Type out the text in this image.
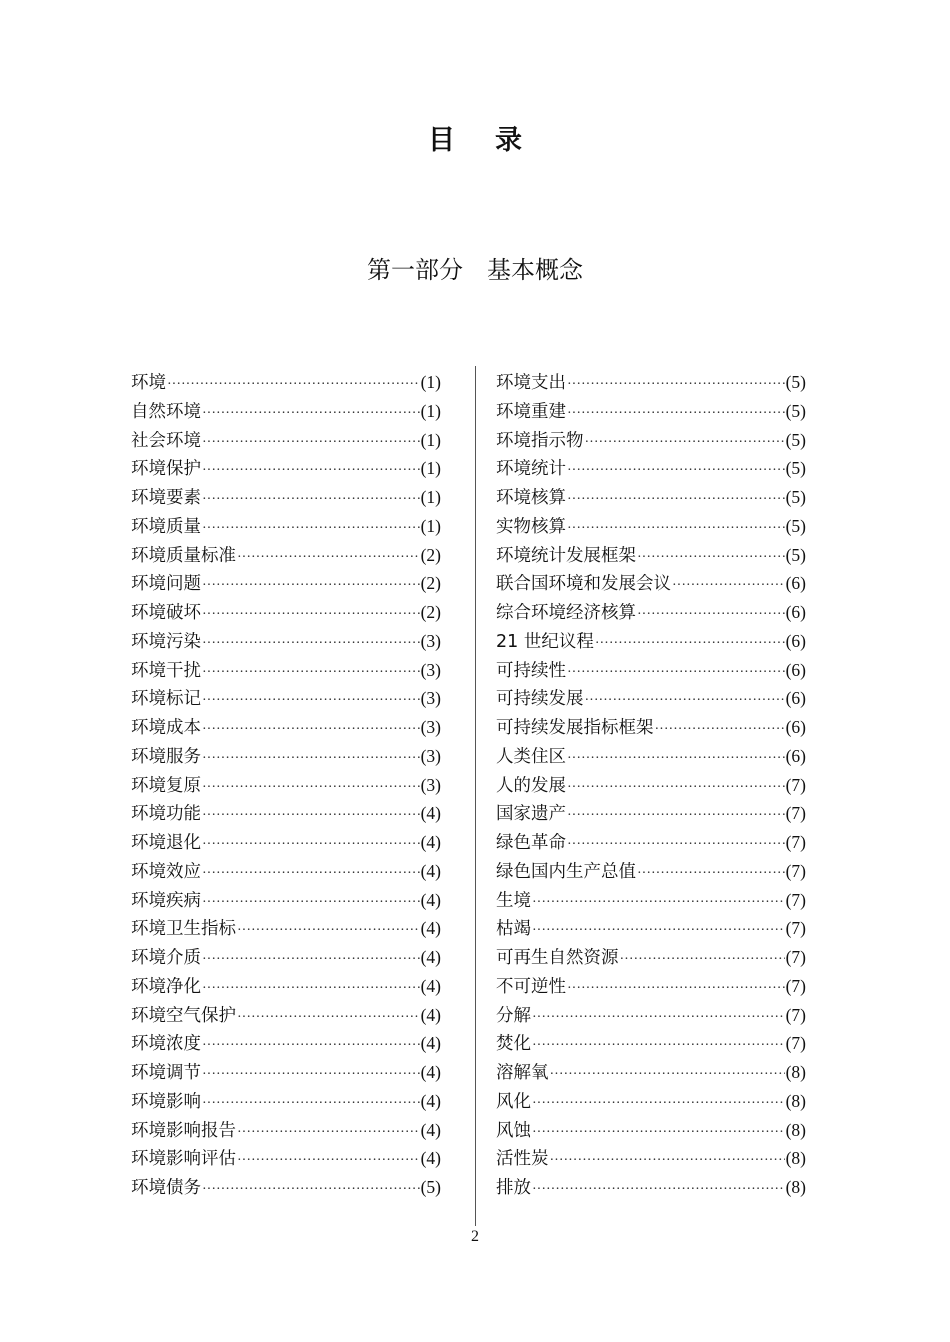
目录
第一部分　基本概念
环境 ·····	(1)
自然环境 ·····	(1)
社会环境 ·····	(1)
环境保护 ·····	(1)
环境要素 ·····	(1)
环境质量 ·····	(1)
环境质量标准 ·····	(2)
环境问题 ·····	(2)
环境破坏 ·····	(2)
环境污染 ·····	(3)
环境干扰 ·····	(3)
环境标记 ·····	(3)
环境成本 ·····	(3)
环境服务 ·····	(3)
环境复原 ·····	(3)
环境功能 ·····	(4)
环境退化 ·····	(4)
环境效应 ·····	(4)
环境疾病 ·····	(4)
环境卫生指标 ·····	(4)
环境介质 ·····	(4)
环境净化 ·····	(4)
环境空气保护 ·····	(4)
环境浓度 ·····	(4)
环境调节 ·····	(4)
环境影响 ·····	(4)
环境影响报告 ·····	(4)
环境影响评估 ·····	(4)
环境债务 ·····	(5)
环境支出 ·····	(5)
环境重建 ·····	(5)
环境指示物 ·····	(5)
环境统计 ·····	(5)
环境核算 ·····	(5)
实物核算 ·····	(5)
环境统计发展框架 ·····	(5)
联合国环境和发展会议 ·····	(6)
综合环境经济核算 ·····	(6)
21 世纪议程 ·····	(6)
可持续性 ·····	(6)
可持续发展 ·····	(6)
可持续发展指标框架 ·····	(6)
人类住区 ·····	(6)
人的发展 ·····	(7)
国家遗产 ·····	(7)
绿色革命 ·····	(7)
绿色国内生产总值 ·····	(7)
生境 ·····	(7)
枯竭 ·····	(7)
可再生自然资源 ·····	(7)
不可逆性 ·····	(7)
分解 ·····	(7)
焚化 ·····	(7)
溶解氧 ·····	(8)
风化 ·····	(8)
风蚀 ·····	(8)
活性炭 ·····	(8)
排放 ·····	(8)
2
